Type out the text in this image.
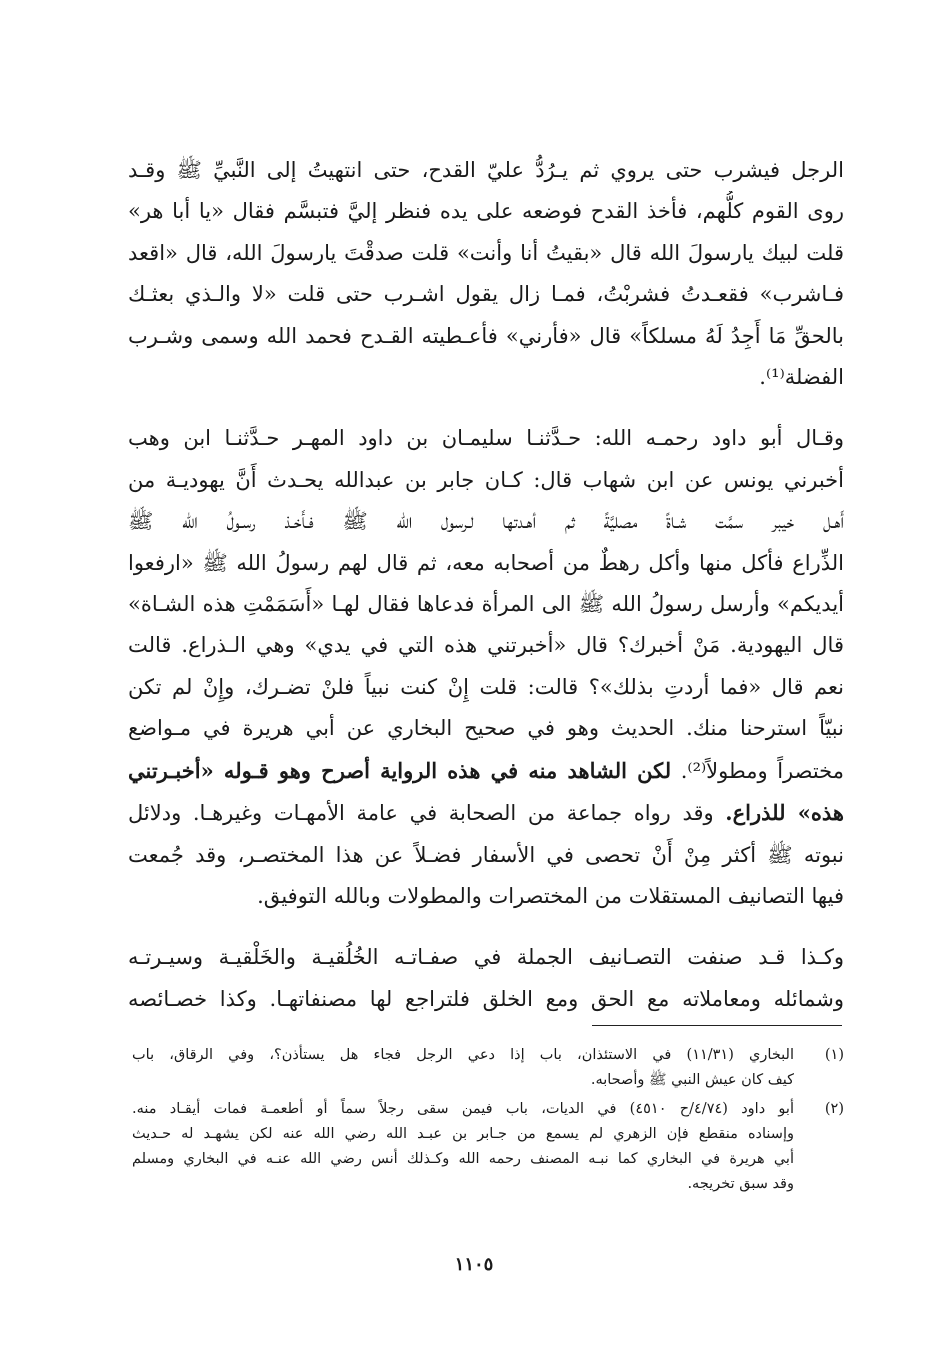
الرجل فيشرب حتى يروي ثم يـرُدُّ عليّ القدح، حتى انتهيتُ إلى النَّبيِّ ﷺ وقـد
روى القوم كلُّهم، فأخذ القدح فوضعه على يده فنظر إليَّ فتبسَّم فقال «يا أبا هر»
قلت لبيك يارسولَ الله قال «بقيتُ أنا وأنت» قلت صدقْتَ يارسولَ الله، قال «اقعد
فـاشرب» فقعـدتُ فشربْتُ، فمـا زال يقول اشـرب حتى قلت «لا والـذي بعثـك
بالحقِّ مَا أَجِدُ لَهُ مسلكاً» قال «فأرني» فأعـطيته القـدح فحمد الله وسمى وشـرب
الفضلة⁽¹⁾.

وقـال أبو داود رحمـه الله: حـدَّثنـا سليمـان بن داود المهـر حـدَّثنـا ابن وهب
أخبرني يونس عن ابن شهاب قال: كـان جابر بن عبدالله يحـدث أَنَّ يهوديـة من
أَهـل خيبر سمَّت شـاةً مصليَّةً ثم أهـدتها لـرسول الله ﷺ فـأَخـذ رسـولُ الله ﷺ
الذِّراع فأكل منها وأكل رهطٌ من أصحابه معه، ثم قال لهم رسولُ الله ﷺ «ارفعوا
أيديكم» وأرسل رسولُ الله ﷺ الى المرأة فدعاها فقال لهـا «أَسَمَمْتِ هذه الشـاة»
قال اليهودية. مَنْ أخبرك؟ قال «أخبرتني هذه التي في يدي» وهي الـذراع. قالت
نعم قال «فما أردتِ بذلك»؟ قالت: قلت إِنْ كنت نبياً فلنْ تضـرك، وإِنْ لم تكن
نبيّاً استرحنا منك. الحديث وهو في صحيح البخاري عن أبي هريرة في مـواضع
مختصراً ومطولاً⁽²⁾. لكن الشاهد منه في هذه الرواية أصرح وهو قـوله «أخبـرتني
هذه» للذراع. وقد رواه جماعة من الصحابة في عامة الأمهـات وغيرهـا. ودلائل
نبوته ﷺ أكثر مِنْ أَنْ تحصى في الأسفار فضـلاً عن هذا المختصـر، وقد جُمعت
فيها التصانيف المستقلات من المختصرات والمطولات وبالله التوفيق.

وكـذا قـد صنفت التصـانيف الجملة في صفـاتـه الخُلُقيـة والخَلْقيـة وسيـرتـه
وشمائله ومعاملاته مع الحق ومع الخلق فلتراجع لها مصنفاتهـا. وكذا خصـائصه

(١)
البخاري (١١/٣١) في الاستئذان، باب إذا دعي الرجل فجاء هل يستأذن؟، وفي الرقاق، باب
كيف كان عيش النبي ﷺ وأصحابه.
(٢)
أبو داود (٤/٧٤/ح ٤٥١٠) في الديات، باب فيمن سقى رجلاً سماً أو أطعمـة فمات أيقـاد منه.
وإسناده منقطع فإن الزهري لم يسمع من جـابر بن عبـد الله رضي الله عنه لكن يشهـد له حـديث
أبي هريرة في البخاري كما نبـه المصنف رحمه الله وكـذلك أنس رضي الله عنـه في البخاري ومسلم
وقد سبق تخريجه.
١١٠٥
